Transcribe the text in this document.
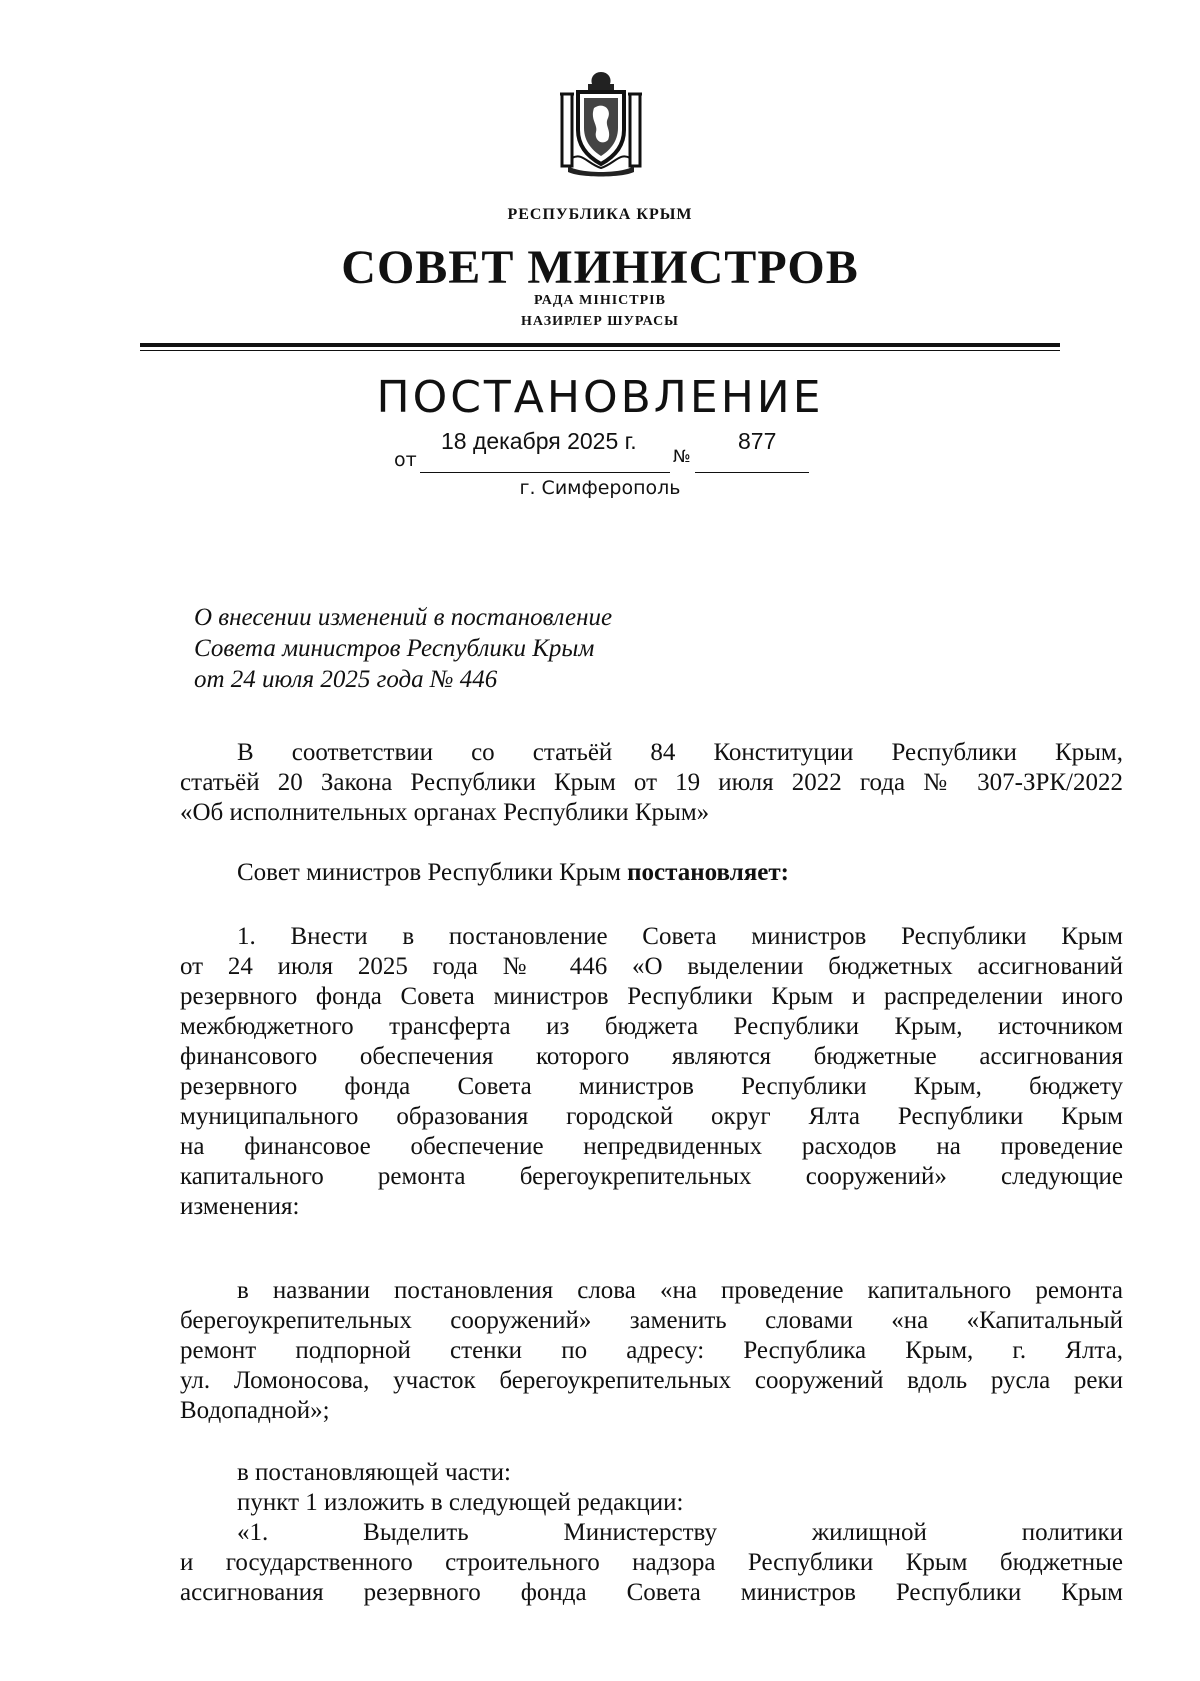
РЕСПУБЛИКА КРЫМ
СОВЕТ МИНИСТРОВ
РАДА МІНІСТРІВ
НАЗИРЛЕР ШУРАСЫ
ПОСТАНОВЛЕНИЕ
от
18 декабря 2025 г.
№
877
г. Симферополь
О внесении изменений в постановление
Совета министров Республики Крым
от 24 июля 2025 года № 446
В соответствии со статьёй 84 Конституции Республики Крым,
статьёй 20 Закона Республики Крым от 19 июля 2022 года № 307-ЗРК/2022
«Об исполнительных органах Республики Крым»
Совет министров Республики Крым постановляет:
1. Внести в постановление Совета министров Республики Крым
от 24 июля 2025 года № 446 «О выделении бюджетных ассигнований
резервного фонда Совета министров Республики Крым и распределении иного
межбюджетного трансферта из бюджета Республики Крым, источником
финансового обеспечения которого являются бюджетные ассигнования
резервного фонда Совета министров Республики Крым, бюджету
муниципального образования городской округ Ялта Республики Крым
на финансовое обеспечение непредвиденных расходов на проведение
капитального ремонта берегоукрепительных сооружений» следующие
изменения:
в названии постановления слова «на проведение капитального ремонта
берегоукрепительных сооружений» заменить словами «на «Капитальный
ремонт подпорной стенки по адресу: Республика Крым, г. Ялта,
ул. Ломоносова, участок берегоукрепительных сооружений вдоль русла реки
Водопадной»;
в постановляющей части:
пункт 1 изложить в следующей редакции:
«1. Выделить Министерству жилищной политики
и государственного строительного надзора Республики Крым бюджетные
ассигнования резервного фонда Совета министров Республики Крым
